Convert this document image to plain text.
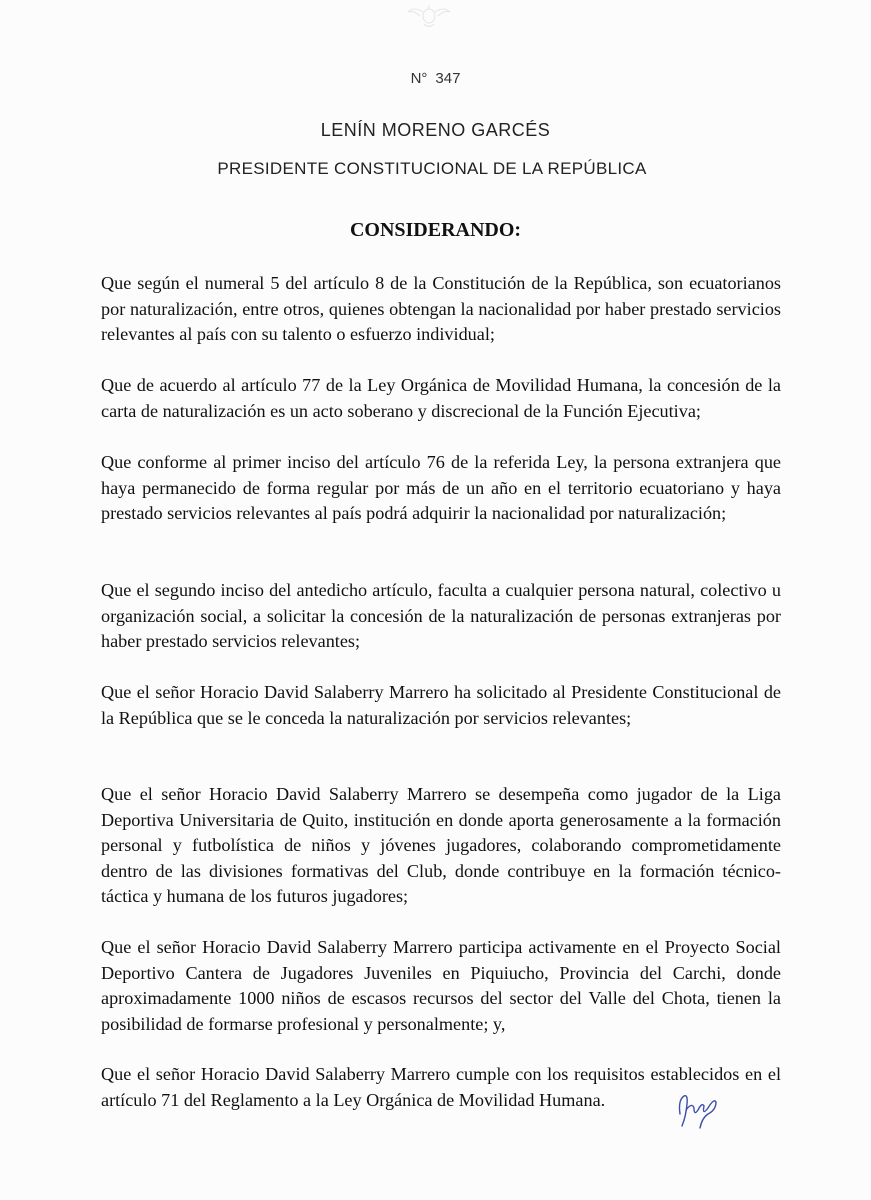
N° 347
LENÍN MORENO GARCÉS
PRESIDENTE CONSTITUCIONAL DE LA REPÚBLICA
CONSIDERANDO:
Que según el numeral 5 del artículo 8 de la Constitución de la República, son ecuatorianos por naturalización, entre otros, quienes obtengan la nacionalidad por haber prestado servicios relevantes al país con su talento o esfuerzo individual;
Que de acuerdo al artículo 77 de la Ley Orgánica de Movilidad Humana, la concesión de la carta de naturalización es un acto soberano y discrecional de la Función Ejecutiva;
Que conforme al primer inciso del artículo 76 de la referida Ley, la persona extranjera que haya permanecido de forma regular por más de un año en el territorio ecuatoriano y haya prestado servicios relevantes al país podrá adquirir la nacionalidad por naturalización;
Que el segundo inciso del antedicho artículo, faculta a cualquier persona natural, colectivo u organización social, a solicitar la concesión de la naturalización de personas extranjeras por haber prestado servicios relevantes;
Que el señor Horacio David Salaberry Marrero ha solicitado al Presidente Constitucional de la República que se le conceda la naturalización por servicios relevantes;
Que el señor Horacio David Salaberry Marrero se desempeña como jugador de la Liga Deportiva Universitaria de Quito, institución en donde aporta generosamente a la formación personal y futbolística de niños y jóvenes jugadores, colaborando comprometidamente dentro de las divisiones formativas del Club, donde contribuye en la formación técnico-táctica y humana de los futuros jugadores;
Que el señor Horacio David Salaberry Marrero participa activamente en el Proyecto Social Deportivo Cantera de Jugadores Juveniles en Piquiucho, Provincia del Carchi, donde aproximadamente 1000 niños de escasos recursos del sector del Valle del Chota, tienen la posibilidad de formarse profesional y personalmente; y,
Que el señor Horacio David Salaberry Marrero cumple con los requisitos establecidos en el artículo 71 del Reglamento a la Ley Orgánica de Movilidad Humana.
